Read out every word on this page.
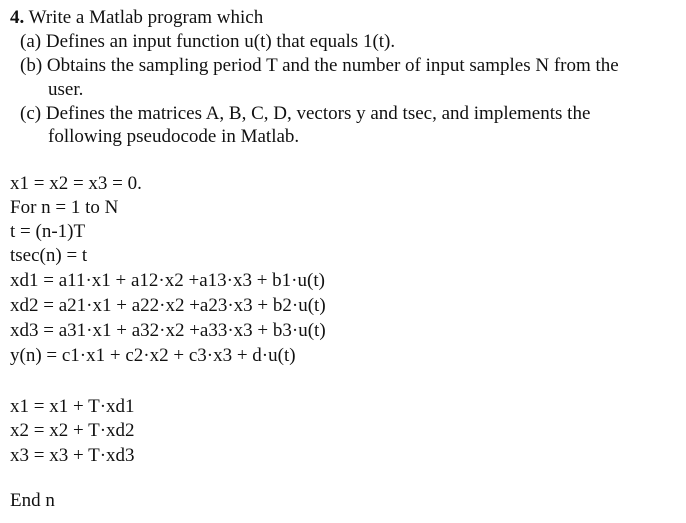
4. Write a Matlab program which
(a) Defines an input function u(t) that equals 1(t).
(b) Obtains the sampling period T and the number of input samples N from the
user.
(c) Defines the matrices A, B, C, D, vectors y and tsec, and implements the
following pseudocode in Matlab.
x1 = x2 = x3 = 0.
For n = 1 to N
t = (n-1)T
tsec(n) = t
xd1 = a11·x1 + a12·x2 +a13·x3 + b1·u(t)
xd2 = a21·x1 + a22·x2 +a23·x3 + b2·u(t)
xd3 = a31·x1 + a32·x2 +a33·x3 + b3·u(t)
y(n) = c1·x1 + c2·x2 + c3·x3 + d·u(t)
x1 = x1 + T·xd1
x2 = x2 + T·xd2
x3 = x3 + T·xd3
End n
